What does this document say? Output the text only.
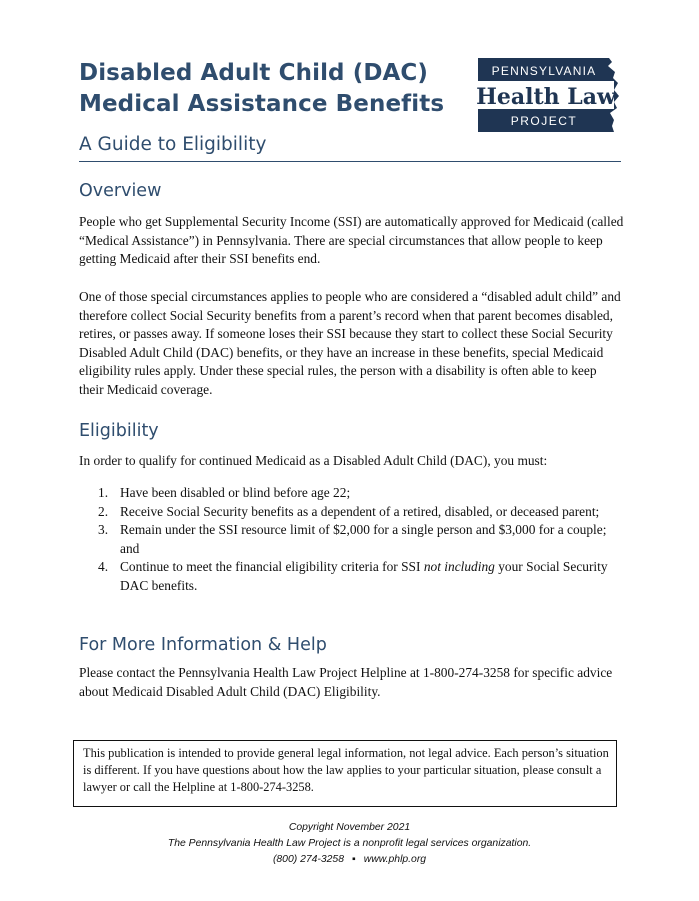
Disabled Adult Child (DAC)
Medical Assistance Benefits
A Guide to Eligibility
PENNSYLVANIA
Health Law
PROJECT
Overview

People who get Supplemental Security Income (SSI) are automatically approved for Medicaid (called “Medical Assistance”) in Pennsylvania. There are special circumstances that allow people to keep getting Medicaid after their SSI benefits end.

One of those special circumstances applies to people who are considered a “disabled adult child” and therefore collect Social Security benefits from a parent’s record when that parent becomes disabled, retires, or passes away. If someone loses their SSI because they start to collect these Social Security Disabled Adult Child (DAC) benefits, or they have an increase in these benefits, special Medicaid eligibility rules apply. Under these special rules, the person with a disability is often able to keep their Medicaid coverage.

Eligibility

In order to qualify for continued Medicaid as a Disabled Adult Child (DAC), you must:

1. Have been disabled or blind before age 22;
2. Receive Social Security benefits as a dependent of a retired, disabled, or deceased parent;
3. Remain under the SSI resource limit of $2,000 for a single person and $3,000 for a couple; and
4. Continue to meet the financial eligibility criteria for SSI not including your Social Security DAC benefits.
For More Information & Help

Please contact the Pennsylvania Health Law Project Helpline at 1-800-274-3258 for specific advice about Medicaid Disabled Adult Child (DAC) Eligibility.

This publication is intended to provide general legal information, not legal advice. Each person’s situation is different. If you have questions about how the law applies to your particular situation, please consult a lawyer or call the Helpline at 1-800-274-3258.
Copyright November 2021
The Pennsylvania Health Law Project is a nonprofit legal services organization.
(800) 274-3258 ▪ www.phlp.org
